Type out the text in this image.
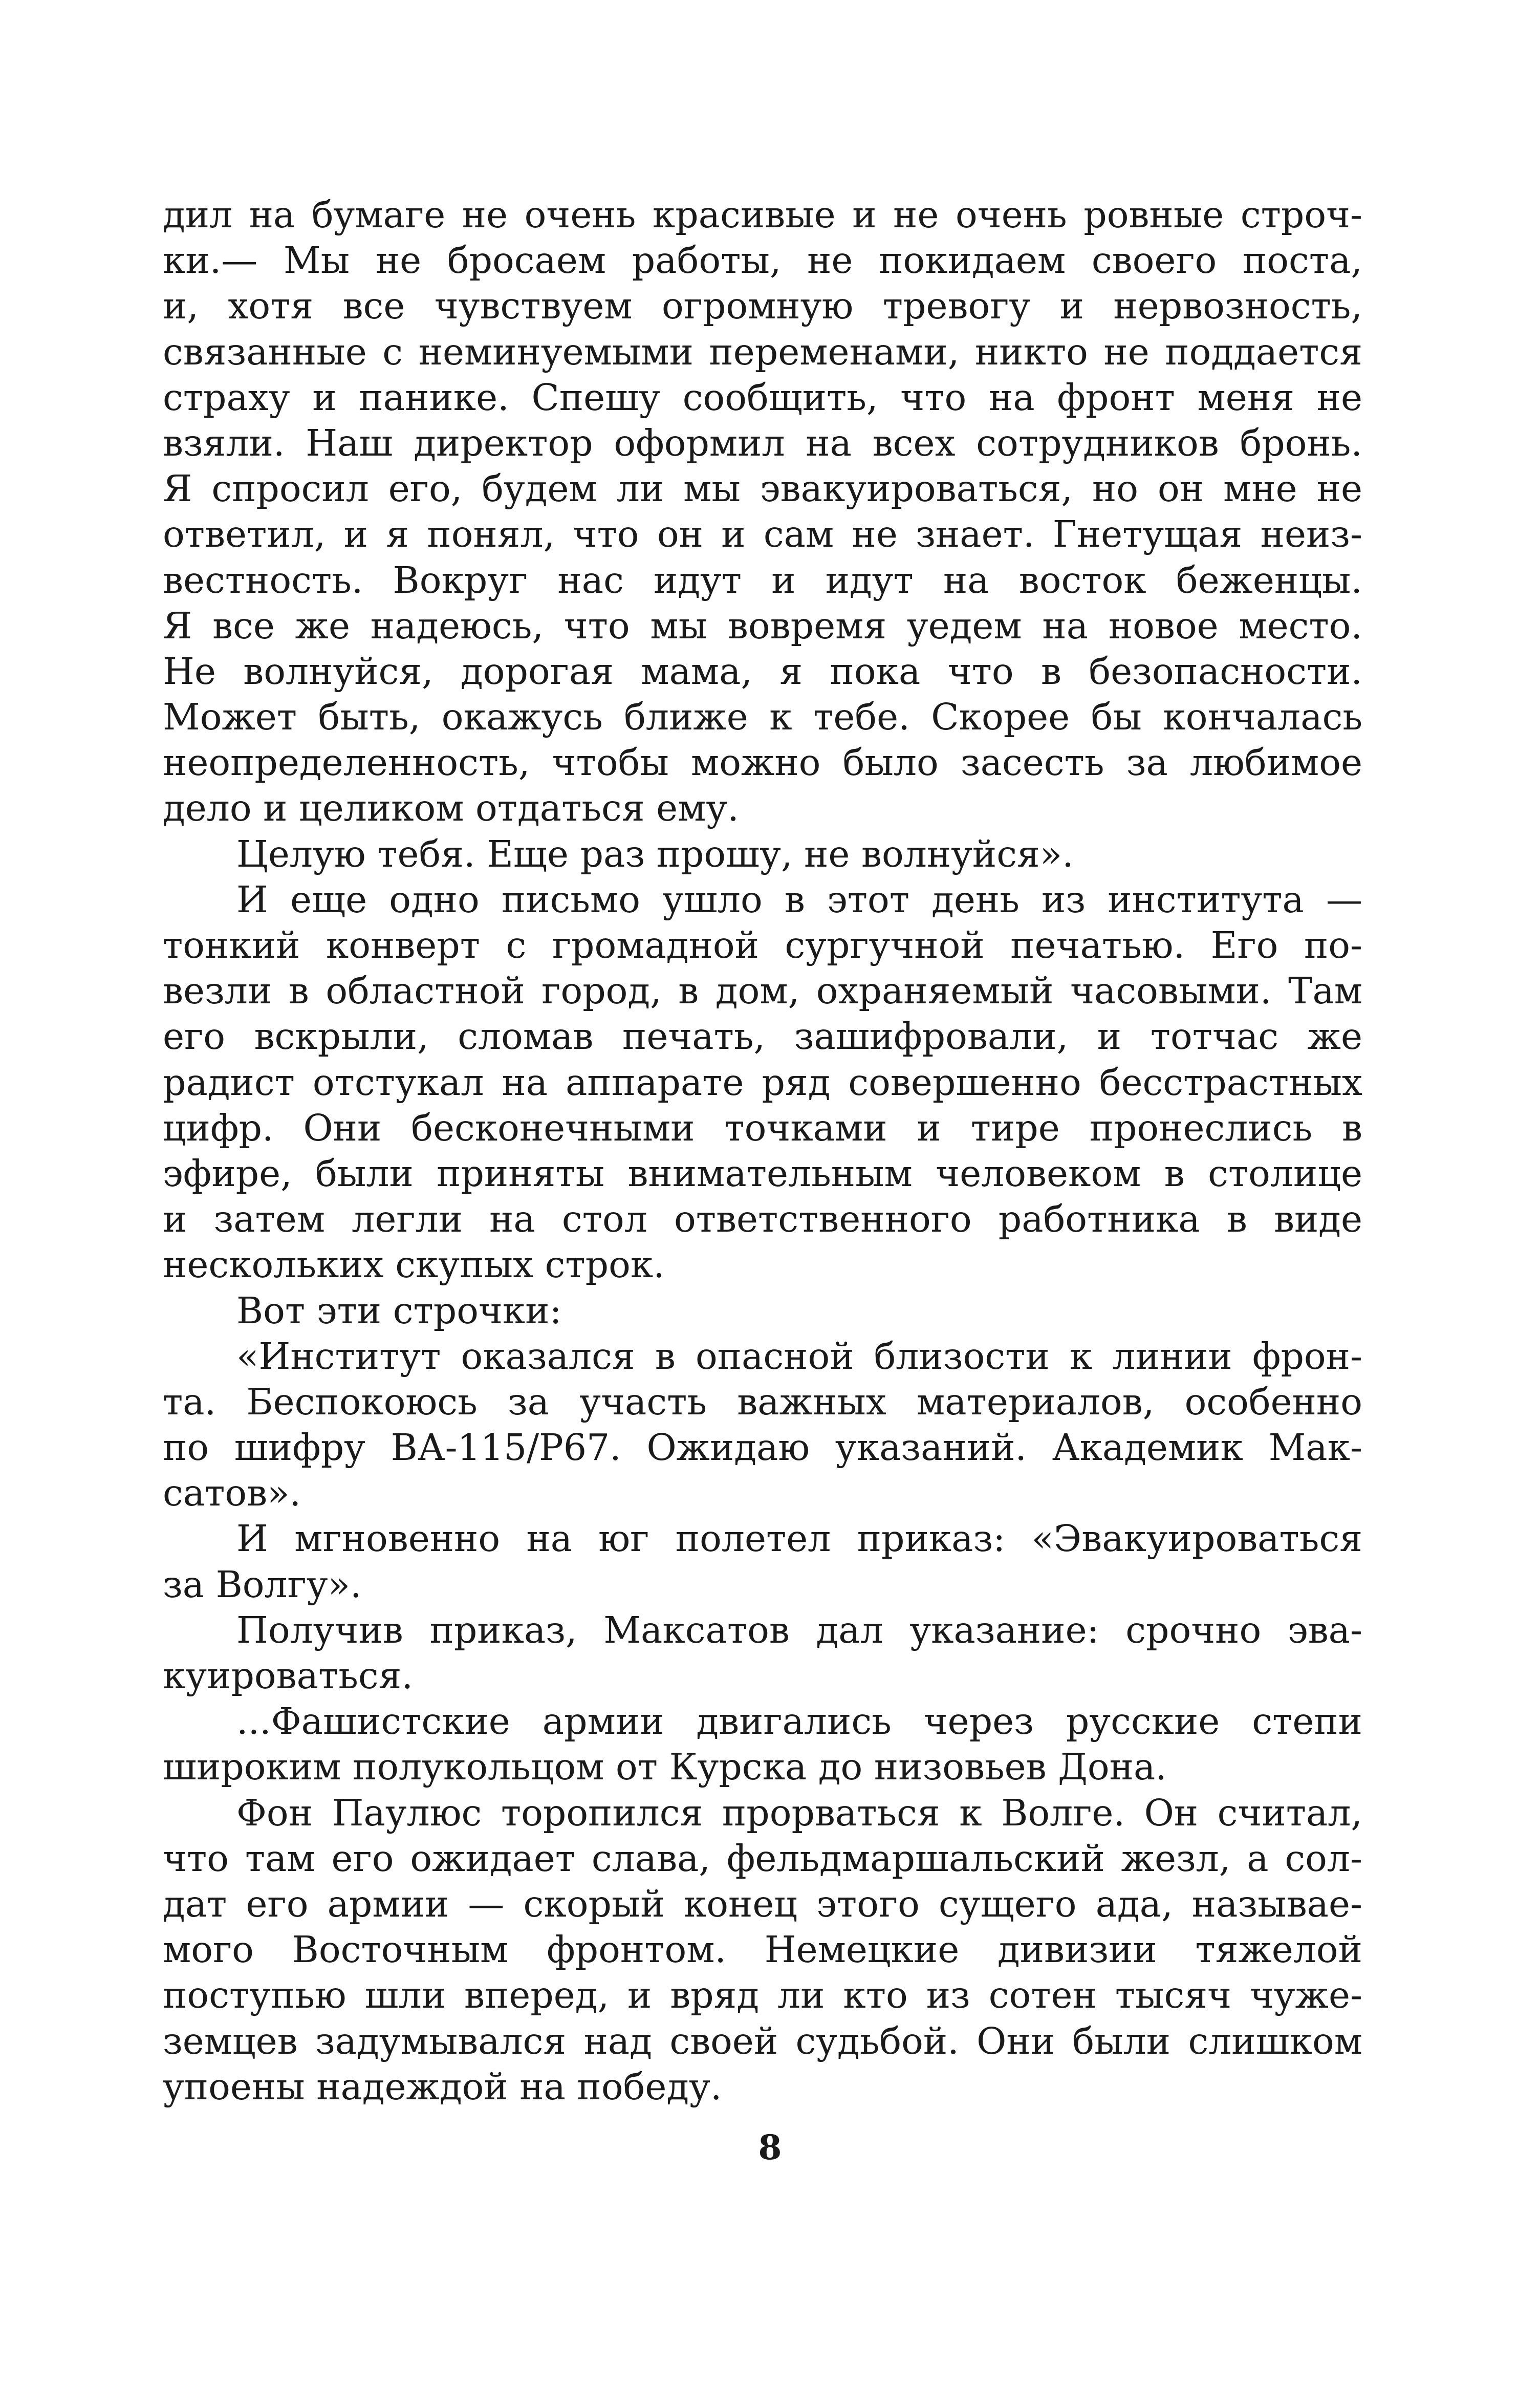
дил на бумаге не очень красивые и не очень ровные строч-
ки.— Мы не бросаем работы, не покидаем своего поста,
и, хотя все чувствуем огромную тревогу и нервозность,
связанные с неминуемыми переменами, никто не поддается
страху и панике. Спешу сообщить, что на фронт меня не
взяли. Наш директор оформил на всех сотрудников бронь.
Я спросил его, будем ли мы эвакуироваться, но он мне не
ответил, и я понял, что он и сам не знает. Гнетущая неиз-
вестность. Вокруг нас идут и идут на восток беженцы.
Я все же надеюсь, что мы вовремя уедем на новое место.
Не волнуйся, дорогая мама, я пока что в безопасности.
Может быть, окажусь ближе к тебе. Скорее бы кончалась
неопределенность, чтобы можно было засесть за любимое
дело и целиком отдаться ему.
Целую тебя. Еще раз прошу, не волнуйся».
И еще одно письмо ушло в этот день из института —
тонкий конверт с громадной сургучной печатью. Его по-
везли в областной город, в дом, охраняемый часовыми. Там
его вскрыли, сломав печать, зашифровали, и тотчас же
радист отстукал на аппарате ряд совершенно бесстрастных
цифр. Они бесконечными точками и тире пронеслись в
эфире, были приняты внимательным человеком в столице
и затем легли на стол ответственного работника в виде
нескольких скупых строк.
Вот эти строчки:
«Институт оказался в опасной близости к линии фрон-
та. Беспокоюсь за участь важных материалов, особенно
по шифру ВА-115/Р67. Ожидаю указаний. Академик Мак-
сатов».
И мгновенно на юг полетел приказ: «Эвакуироваться
за Волгу».
Получив приказ, Максатов дал указание: срочно эва-
куироваться.
...Фашистские армии двигались через русские степи
широким полукольцом от Курска до низовьев Дона.
Фон Паулюс торопился прорваться к Волге. Он считал,
что там его ожидает слава, фельдмаршальский жезл, а сол-
дат его армии — скорый конец этого сущего ада, называе-
мого Восточным фронтом. Немецкие дивизии тяжелой
поступью шли вперед, и вряд ли кто из сотен тысяч чуже-
земцев задумывался над своей судьбой. Они были слишком
упоены надеждой на победу.
8
